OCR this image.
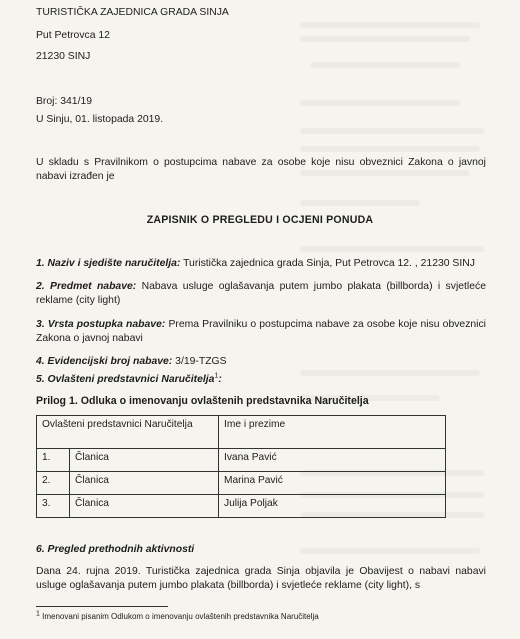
TURISTIČKA ZAJEDNICA GRADA SINJA
Put Petrovca 12
21230 SINJ
Broj: 341/19
U Sinju, 01. listopada 2019.
U skladu s Pravilnikom o postupcima nabave za osobe koje nisu obveznici Zakona o javnoj nabavi izrađen je
ZAPISNIK O PREGLEDU I OCJENI PONUDA
1. Naziv i sjedište naručitelja: Turistička zajednica grada Sinja, Put Petrovca 12. , 21230 SINJ
2. Predmet nabave: Nabava usluge oglašavanja putem jumbo plakata (billborda) i svjetleće reklame (city light)
3. Vrsta postupka nabave: Prema Pravilniku o postupcima nabave za osobe koje nisu obveznici Zakona o javnoj nabavi
4. Evidencijski broj nabave: 3/19-TZGS
5. Ovlašteni predstavnici Naručitelja$^1$:
Prilog 1. Odluka o imenovanju ovlaštenih predstavnika Naručitelja
Ovlašteni predstavnici Naručitelja		Ime i prezime
1.	Članica	Ivana Pavić
2.	Članica	Marina Pavić
3.	Članica	Julija Poljak
6. Pregled prethodnih aktivnosti
Dana 24. rujna 2019. Turistička zajednica grada Sinja objavila je Obavijest o nabavi nabavi usluge oglašavanja putem jumbo plakata (billborda) i svjetleće reklame (city light), s
$^1$ Imenovani pisanim Odlukom o imenovanju ovlaštenih predstavnika Naručitelja
